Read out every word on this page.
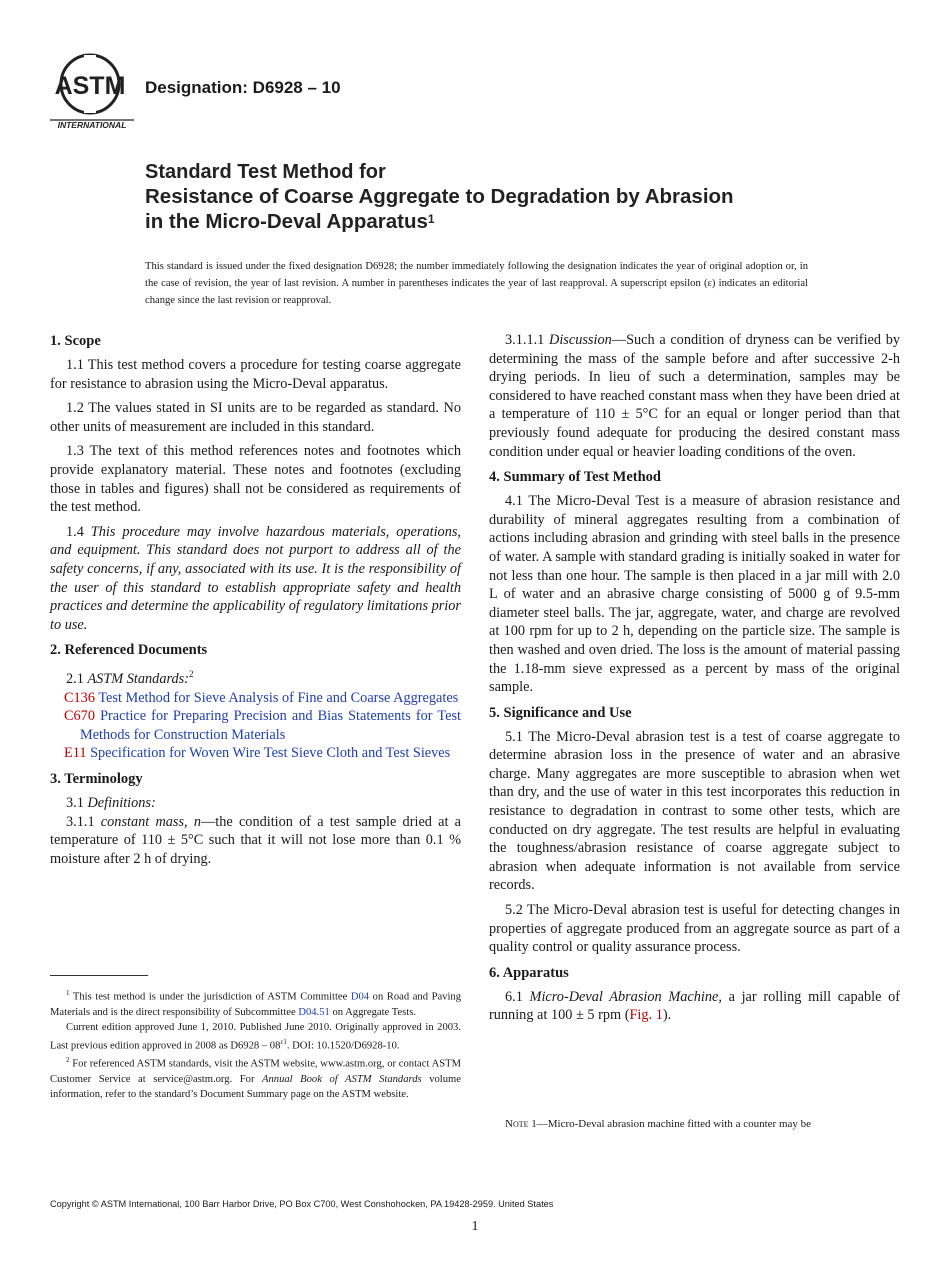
ASTM
INTERNATIONAL
Designation: D6928 – 10
Standard Test Method for
Resistance of Coarse Aggregate to Degradation by Abrasion
in the Micro-Deval Apparatus$^1$
This standard is issued under the fixed designation D6928; the number immediately following the designation indicates the year of original adoption or, in the case of revision, the year of last revision. A number in parentheses indicates the year of last reapproval. A superscript epsilon (ε) indicates an editorial change since the last revision or reapproval.
1. Scope

1.1 This test method covers a procedure for testing coarse aggregate for resistance to abrasion using the Micro-Deval apparatus.

1.2 The values stated in SI units are to be regarded as standard. No other units of measurement are included in this standard.

1.3 The text of this method references notes and footnotes which provide explanatory material. These notes and footnotes (excluding those in tables and figures) shall not be considered as requirements of the test method.

1.4 This procedure may involve hazardous materials, operations, and equipment. This standard does not purport to address all of the safety concerns, if any, associated with its use. It is the responsibility of the user of this standard to establish appropriate safety and health practices and determine the applicability of regulatory limitations prior to use.

2. Referenced Documents

2.1 ASTM Standards:$^2$

C136 Test Method for Sieve Analysis of Fine and Coarse Aggregates
C670 Practice for Preparing Precision and Bias Statements for Test Methods for Construction Materials
E11 Specification for Woven Wire Test Sieve Cloth and Test Sieves
3. Terminology

3.1 Definitions:

3.1.1 constant mass, n—the condition of a test sample dried at a temperature of 110 ± 5°C such that it will not lose more than 0.1 % moisture after 2 h of drying.

$^1$ This test method is under the jurisdiction of ASTM Committee D04 on Road and Paving Materials and is the direct responsibility of Subcommittee D04.51 on Aggregate Tests.

Current edition approved June 1, 2010. Published June 2010. Originally approved in 2003. Last previous edition approved in 2008 as $D6928 - 08^{\varepsilon 1}$. DOI: 10.1520/D6928-10.

$^2$ For referenced ASTM standards, visit the ASTM website, www.astm.org, or contact ASTM Customer Service at service@astm.org. For Annual Book of ASTM Standards volume information, refer to the standard’s Document Summary page on the ASTM website.

3.1.1.1 Discussion—Such a condition of dryness can be verified by determining the mass of the sample before and after successive 2-h drying periods. In lieu of such a determination, samples may be considered to have reached constant mass when they have been dried at a temperature of 110 ± 5°C for an equal or longer period than that previously found adequate for producing the desired constant mass condition under equal or heavier loading conditions of the oven.

4. Summary of Test Method

4.1 The Micro-Deval Test is a measure of abrasion resistance and durability of mineral aggregates resulting from a combination of actions including abrasion and grinding with steel balls in the presence of water. A sample with standard grading is initially soaked in water for not less than one hour. The sample is then placed in a jar mill with 2.0 L of water and an abrasive charge consisting of 5000 g of 9.5-mm diameter steel balls. The jar, aggregate, water, and charge are revolved at 100 rpm for up to 2 h, depending on the particle size. The sample is then washed and oven dried. The loss is the amount of material passing the 1.18-mm sieve expressed as a percent by mass of the original sample.

5. Significance and Use

5.1 The Micro-Deval abrasion test is a test of coarse aggregate to determine abrasion loss in the presence of water and an abrasive charge. Many aggregates are more susceptible to abrasion when wet than dry, and the use of water in this test incorporates this reduction in resistance to degradation in contrast to some other tests, which are conducted on dry aggregate. The test results are helpful in evaluating the toughness/abrasion resistance of coarse aggregate subject to abrasion when adequate information is not available from service records.

5.2 The Micro-Deval abrasion test is useful for detecting changes in properties of aggregate produced from an aggregate source as part of a quality control or quality assurance process.

6. Apparatus

6.1 Micro-Deval Abrasion Machine, a jar rolling mill capable of running at 100 ± 5 rpm (Fig. 1).

Note 1—Micro-Deval abrasion machine fitted with a counter may be
Copyright © ASTM International, 100 Barr Harbor Drive, PO Box C700, West Conshohocken, PA 19428-2959. United States
1
